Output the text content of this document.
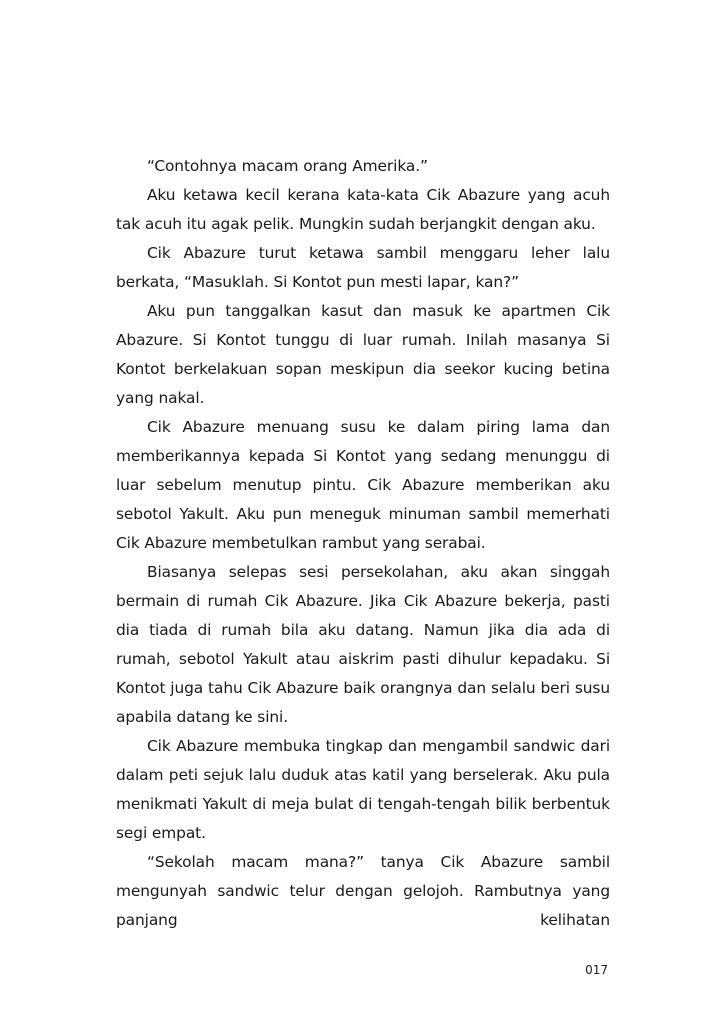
“Contohnya macam orang Amerika.”

Aku ketawa kecil kerana kata-kata Cik Abazure yang acuh tak acuh itu agak pelik. Mungkin sudah berjangkit dengan aku.

Cik Abazure turut ketawa sambil menggaru leher lalu berkata, “Masuklah. Si Kontot pun mesti lapar, kan?”

Aku pun tanggalkan kasut dan masuk ke apartmen Cik Abazure. Si Kontot tunggu di luar rumah. Inilah masanya Si Kontot berkelakuan sopan meskipun dia seekor kucing betina yang nakal.

Cik Abazure menuang susu ke dalam piring lama dan memberikannya kepada Si Kontot yang sedang menunggu di luar sebelum menutup pintu. Cik Abazure memberikan aku sebotol Yakult. Aku pun meneguk minuman sambil memerhati Cik Abazure membetulkan rambut yang serabai.

Biasanya selepas sesi persekolahan, aku akan singgah bermain di rumah Cik Abazure. Jika Cik Abazure bekerja, pasti dia tiada di rumah bila aku datang. Namun jika dia ada di rumah, sebotol Yakult atau aiskrim pasti dihulur kepadaku. Si Kontot juga tahu Cik Abazure baik orangnya dan selalu beri susu apabila datang ke sini.

Cik Abazure membuka tingkap dan mengambil sandwic dari dalam peti sejuk lalu duduk atas katil yang berselerak. Aku pula menikmati Yakult di meja bulat di tengah-tengah bilik berbentuk segi empat.

“Sekolah macam mana?” tanya Cik Abazure sambil mengunyah sandwic telur dengan gelojoh. Rambutnya yang panjang kelihatan

017
